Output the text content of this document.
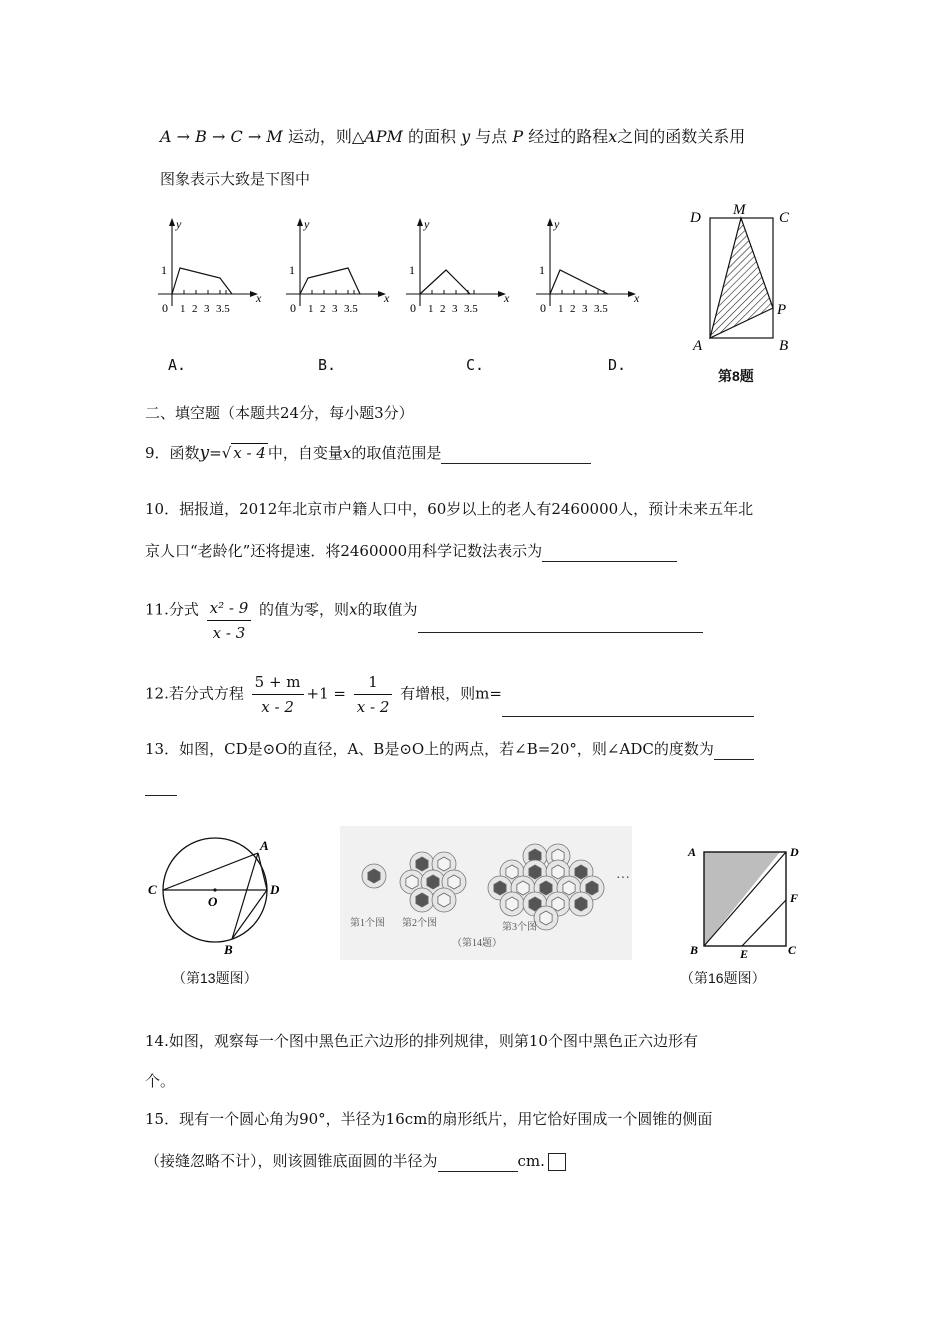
A → B → C → M 运动，则△APM 的面积 y 与点 P 经过的路程x之间的函数关系用
图象表示大致是下图中
y
x
1
0 1 2 3 3.5
y
x
1
0 1 2 3 3.5
y
x
1
0 1 2 3 3.5
y
x
1
0 1 2 3 3.5
A.	B.	C.	D.
D M C
P
A	B
第8题
二、填空题（本题共24分，每小题3分）
9．函数y=√ x - 4 中，自变量x的取值范围是
10．据报道，2012年北京市户籍人口中，60岁以上的老人有2460000人，预计未来五年北
京人口“老龄化”还将提速．将2460000用科学记数法表示为
11.分式 $\frac{\text{x² - 9}}{x - 3}$ 的值为零，则x的取值为
12.若分式方程 $\frac{5 + m}{x - 2} +1 = \frac{1}{x - 2}$ 有增根，则m=
13．如图，CD是⊙O的直径，A、B是⊙O上的两点，若∠B=20°，则∠ADC的度数为
A
C
O
D
B
（第13题图）
···
第1个图 第2个图	第3个图
（第14题）
A	D
F
B	E	C
（第16题图）
14.如图，观察每一个图中黑色正六边形的排列规律，则第10个图中黑色正六边形有
个。
15．现有一个圆心角为90°，半径为16cm的扇形纸片，用它恰好围成一个圆锥的侧面
（接缝忽略不计），则该圆锥底面圆的半径为	cm.
